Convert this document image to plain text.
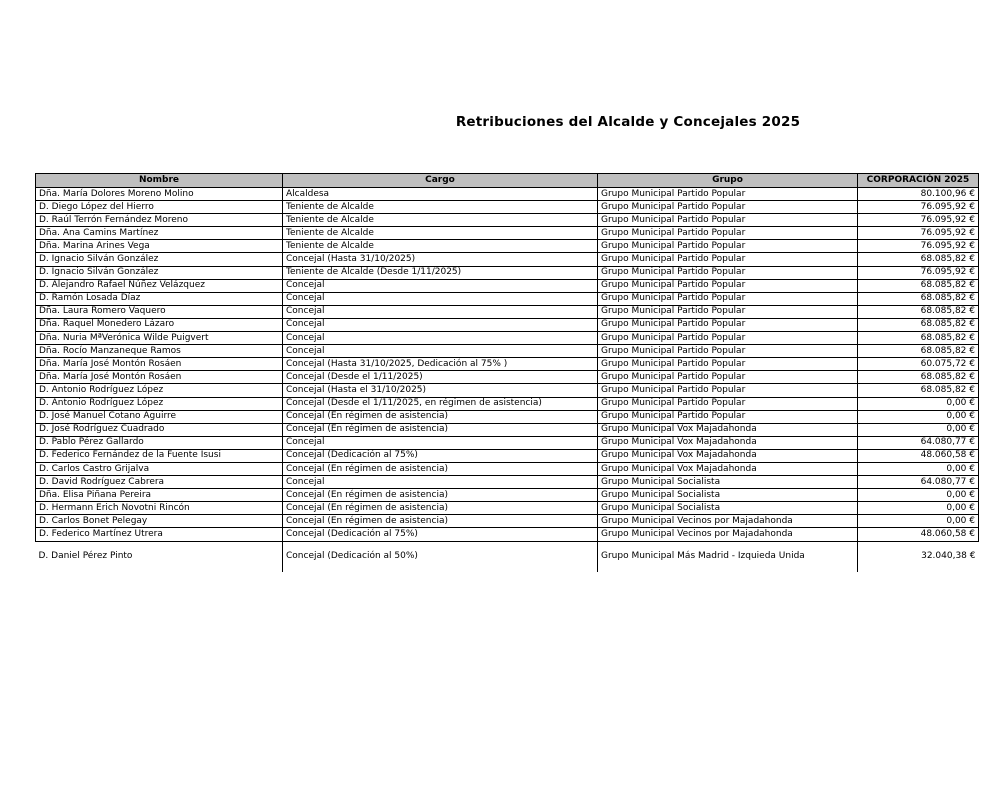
Retribuciones del Alcalde y Concejales 2025
Nombre	Cargo	Grupo	CORPORACIÓN 2025
Dña. María Dolores Moreno Molino	Alcaldesa	Grupo Municipal Partido Popular	80.100,96 €
D. Diego López del Hierro	Teniente de Alcalde	Grupo Municipal Partido Popular	76.095,92 €
D. Raúl Terrón Fernández Moreno	Teniente de Alcalde	Grupo Municipal Partido Popular	76.095,92 €
Dña. Ana Camins Martínez	Teniente de Alcalde	Grupo Municipal Partido Popular	76.095,92 €
Dña. Marina Arines Vega	Teniente de Alcalde	Grupo Municipal Partido Popular	76.095,92 €
D. Ignacio Silván González	Concejal (Hasta 31/10/2025)	Grupo Municipal Partido Popular	68.085,82 €
D. Ignacio Silván González	Teniente de Alcalde (Desde 1/11/2025)	Grupo Municipal Partido Popular	76.095,92 €
D. Alejandro Rafael Núñez Velázquez	Concejal	Grupo Municipal Partido Popular	68.085,82 €
D. Ramón Losada Díaz	Concejal	Grupo Municipal Partido Popular	68.085,82 €
Dña. Laura Romero Vaquero	Concejal	Grupo Municipal Partido Popular	68.085,82 €
Dña. Raquel Monedero Lázaro	Concejal	Grupo Municipal Partido Popular	68.085,82 €
Dña. Nuria MªVerónica Wilde Puigvert	Concejal	Grupo Municipal Partido Popular	68.085,82 €
Dña. Rocío Manzaneque Ramos	Concejal	Grupo Municipal Partido Popular	68.085,82 €
Dña. María José Montón Rosáen	Concejal (Hasta 31/10/2025, Dedicación al 75% )	Grupo Municipal Partido Popular	60.075,72 €
Dña. María José Montón Rosáen	Concejal (Desde el 1/11/2025)	Grupo Municipal Partido Popular	68.085,82 €
D. Antonio Rodríguez López	Concejal (Hasta el 31/10/2025)	Grupo Municipal Partido Popular	68.085,82 €
D. Antonio Rodríguez López	Concejal (Desde el 1/11/2025, en régimen de asistencia)	Grupo Municipal Partido Popular	0,00 €
D. José Manuel Cotano Aguirre	Concejal (En régimen de asistencia)	Grupo Municipal Partido Popular	0,00 €
D. José Rodríguez Cuadrado	Concejal (En régimen de asistencia)	Grupo Municipal Vox Majadahonda	0,00 €
D. Pablo Pérez Gallardo	Concejal	Grupo Municipal Vox Majadahonda	64.080,77 €
D. Federico Fernández de la Fuente Isusi	Concejal (Dedicación al 75%)	Grupo Municipal Vox Majadahonda	48.060,58 €
D. Carlos Castro Grijalva	Concejal (En régimen de asistencia)	Grupo Municipal Vox Majadahonda	0,00 €
D. David Rodríguez Cabrera	Concejal	Grupo Municipal Socialista	64.080,77 €
Dña. Elisa Piñana Pereira	Concejal (En régimen de asistencia)	Grupo Municipal Socialista	0,00 €
D. Hermann Erich Novotni Rincón	Concejal (En régimen de asistencia)	Grupo Municipal Socialista	0,00 €
D. Carlos Bonet Pelegay	Concejal (En régimen de asistencia)	Grupo Municipal Vecinos por Majadahonda	0,00 €
D. Federico Martínez Utrera	Concejal (Dedicación al 75%)	Grupo Municipal Vecinos por Majadahonda	48.060,58 €
D. Daniel Pérez Pinto	Concejal (Dedicación al 50%)	Grupo Municipal Más Madrid - Izquieda Unida	32.040,38 €
